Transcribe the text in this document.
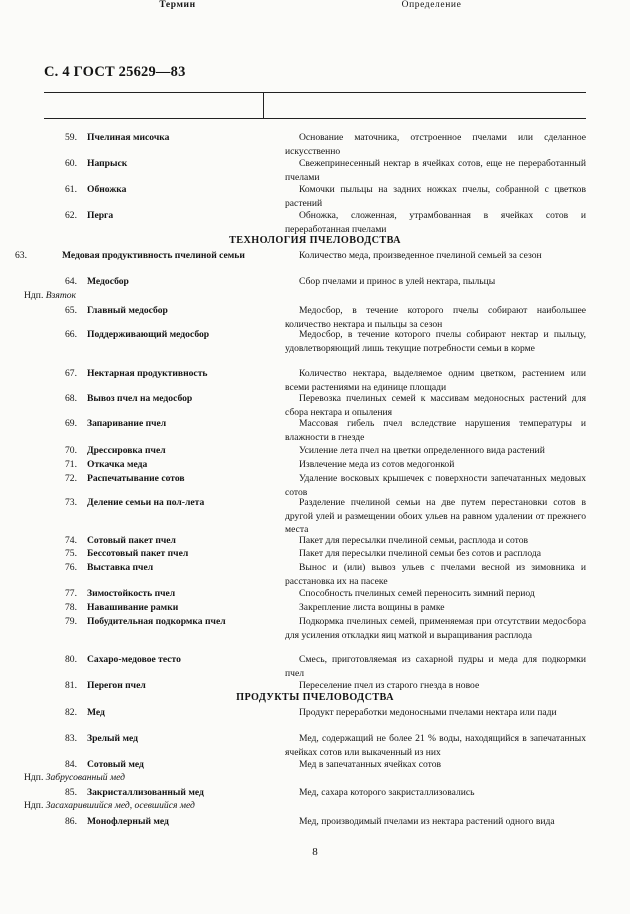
С. 4 ГОСТ 25629—83
Термин	Определение
59. Пчелиная мисочка	Основание маточника, отстроенное пчелами или сделанное искусственно
60. Напрыск	Свежепринесенный нектар в ячейках сотов, еще не переработанный пчелами
61. Обножка	Комочки пыльцы на задних ножках пчелы, собранной с цветков растений
62. Перга	Обножка, сложенная, утрамбованная в ячейках сотов и переработанная пчелами
ТЕХНОЛОГИЯ ПЧЕЛОВОДСТВА
63.	Медовая продуктивность пчелиной семьи	Количество меда, произведенное пчелиной семьей за сезон
64. Медосбор	Сбор пчелами и принос в улей нектара, пыльцы
Ндп. Взяток
65. Главный медосбор	Медосбор, в течение которого пчелы собирают наибольшее количество нектара и пыльцы за сезон
66. Поддерживающий медосбор	Медосбор, в течение которого пчелы собирают нектар и пыльцу, удовлетворяющий лишь текущие потребности семьи в корме
67. Нектарная продуктивность	Количество нектара, выделяемое одним цветком, растением или всеми растениями на единице площади
68. Вывоз пчел на медосбор	Перевозка пчелиных семей к массивам медоносных растений для сбора нектара и опыления
69. Запаривание пчел	Массовая гибель пчел вследствие нарушения температуры и влажности в гнезде
70. Дрессировка пчел	Усиление лета пчел на цветки определенного вида растений
71. Откачка меда	Извлечение меда из сотов медогонкой
72. Распечатывание сотов	Удаление восковых крышечек с поверхности запечатанных медовых сотов
73. Деление семьи на пол-лета	Разделение пчелиной семьи на две путем перестановки сотов в другой улей и размещении обоих ульев на равном удалении от прежнего места
74. Сотовый пакет пчел	Пакет для пересылки пчелиной семьи, расплода и сотов
75. Бессотовый пакет пчел	Пакет для пересылки пчелиной семьи без сотов и расплода
76. Выставка пчел	Вынос и (или) вывоз ульев с пчелами весной из зимовника и расстановка их на пасеке
77. Зимостойкость пчел	Способность пчелиных семей переносить зимний период
78. Навашивание рамки	Закрепление листа вощины в рамке
79. Побудительная подкормка пчел	Подкормка пчелиных семей, применяемая при отсутствии медосбора для усиления откладки яиц маткой и выращивания расплода
80. Сахаро-медовое тесто	Смесь, приготовляемая из сахарной пудры и меда для подкормки пчел
81. Перегон пчел	Переселение пчел из старого гнезда в новое
ПРОДУКТЫ ПЧЕЛОВОДСТВА
82. Мед	Продукт переработки медоносными пчелами нектара или пади
83. Зрелый мед	Мед, содержащий не более 21 % воды, находящийся в запечатанных ячейках сотов или выкаченный из них
84. Сотовый мед	Мед в запечатанных ячейках сотов
Ндп. Забрусованный мед
85. Закристаллизованный мед	Мед, сахара которого закристаллизовались
Ндп. Засахарившийся мед, осевшийся мед
86. Монофлерный мед	Мед, производимый пчелами из нектара растений одного вида
8
